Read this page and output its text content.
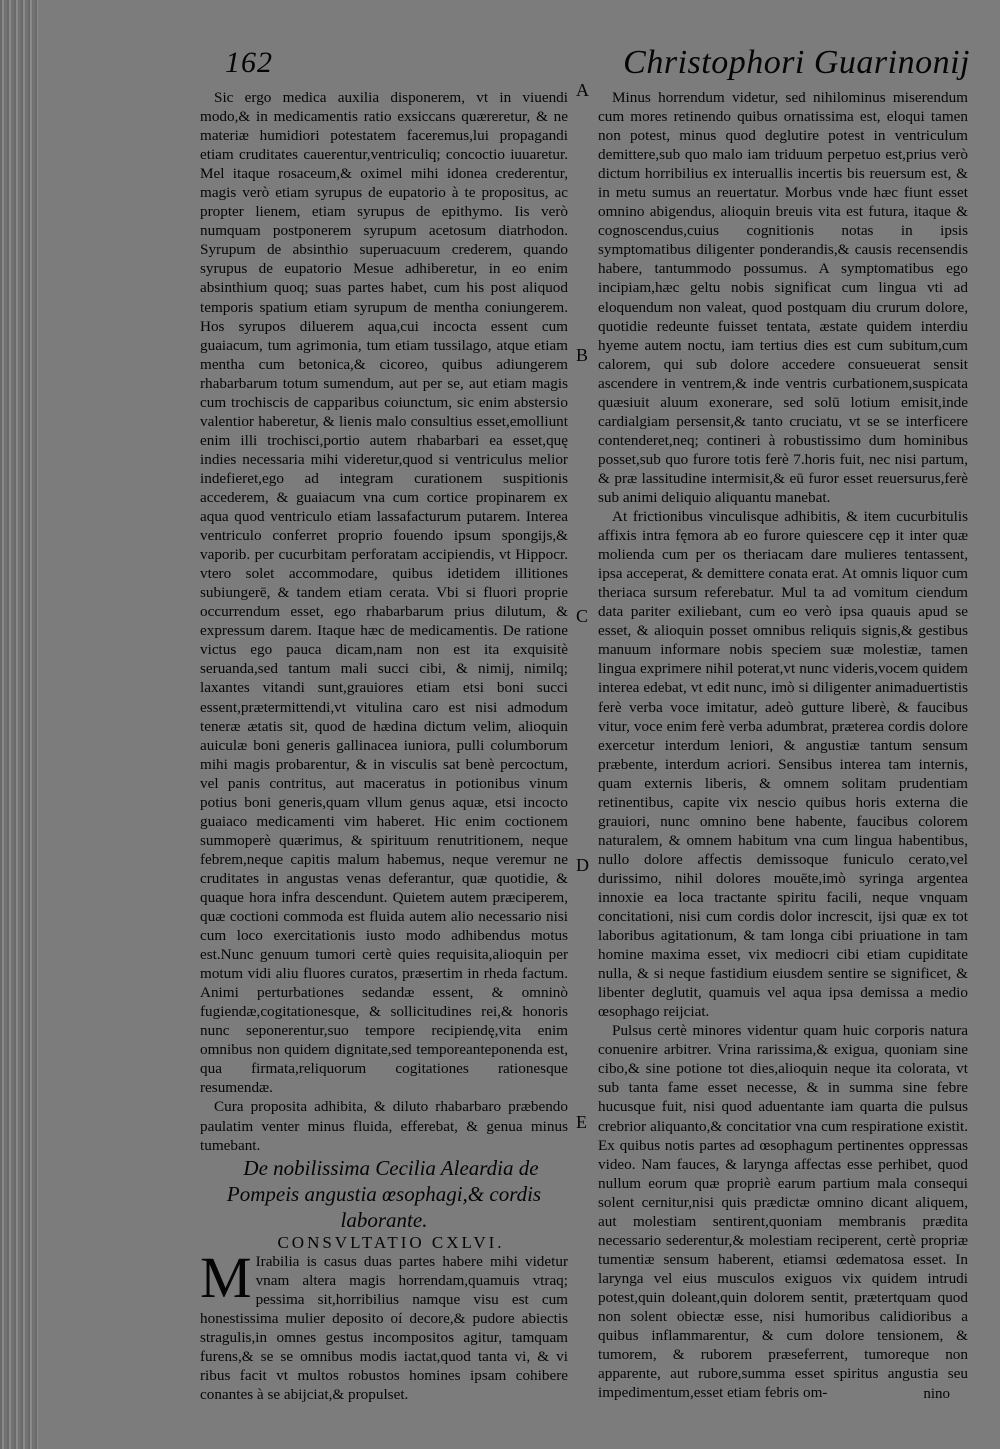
162	Christophori Guarinonij

Sic ergo medica auxilia disponerem, vt in viuendi modo,& in medicamentis ratio exsiccans quæreretur, & ne materiæ humidiori potestatem faceremus,lui propagandi etiam cruditates cauerentur,ventriculiq; concoctio iuuaretur. Mel itaque rosaceum,& oximel mihi idonea crederentur, magis verò etiam syrupus de eupatorio à te propositus, ac propter lienem, etiam syrupus de epithymo. Iis verò numquam postponerem syrupum acetosum diatrhodon. Syrupum de absinthio superuacuum crederem, quando syrupus de eupatorio Mesue adhiberetur, in eo enim absinthium quoq; suas partes habet, cum his post aliquod temporis spatium etiam syrupum de mentha coniungerem. Hos syrupos diluerem aqua,cui incocta essent cum guaiacum, tum agrimonia, tum etiam tussilago, atque etiam mentha cum betonica,& cicoreo, quibus adiungerem rhabarbarum totum sumendum, aut per se, aut etiam magis cum trochiscis de capparibus coiunctum, sic enim abstersio valentior haberetur, & lienis malo consultius esset,emolliunt enim illi trochisci,portio autem rhabarbari ea esset,quę indies necessaria mihi videretur,quod si ventriculus melior indefieret,ego ad integram curationem suspitionis accederem, & guaiacum vna cum cortice propinarem ex aqua quod ventriculo etiam lassafacturum putarem. Interea ventriculo conferret proprio fouendo ipsum spongijs,& vaporib. per cucurbitam perforatam accipiendis, vt Hippocr. vtero solet accommodare, quibus idetidem illitiones subiungerē, & tandem etiam cerata. Vbi si fluori proprie occurrendum esset, ego rhabarbarum prius dilutum, & expressum darem. Itaque hæc de medicamentis. De ratione victus ego pauca dicam,nam non est ita exquisitè seruanda,sed tantum mali succi cibi, & nimij, nimilq; laxantes vitandi sunt,grauiores etiam etsi boni succi essent,prætermittendi,vt vitulina caro est nisi admodum teneræ ætatis sit, quod de hædina dictum velim, alioquin auiculæ boni generis gallinacea iuniora, pulli columborum mihi magis probarentur, & in visculis sat benè percoctum, vel panis contritus, aut maceratus in potionibus vinum potius boni generis,quam vllum genus aquæ, etsi incocto guaiaco medicamenti vim haberet. Hic enim coctionem summoperè quærimus, & spirituum renutritionem, neque febrem,neque capitis malum habemus, neque veremur ne cruditates in angustas venas deferantur, quæ quotidie, & quaque hora infra descendunt. Quietem autem præciperem, quæ coctioni commoda est fluida autem alio necessario nisi cum loco exercitationis iusto modo adhibendus motus est.Nunc genuum tumori certè quies requisita,alioquin per motum vidi aliu fluores curatos, præsertim in rheda factum. Animi perturbationes sedandæ essent, & omninò fugiendæ,cogitationesque, & sollicitudines rei,& honoris nunc seponerentur,suo tempore recipiendę,vita enim omnibus non quidem dignitate,sed temporeanteponenda est, qua firmata,reliquorum cogitationes rationesque resumendæ.

Cura proposita adhibita, & diluto rhabarbaro præbendo paulatim venter minus fluida, efferebat, & genua minus tumebant.

De nobilissima Cecilia Aleardia de Pompeis angustia œsophagi,& cordis laborante.

CONSVLTATIO CXLVI.

M Irabilia is casus duas partes habere mihi videtur vnam altera magis horrendam,quamuis vtraq; pessima sit,horribilius namque visu est cum honestissima mulier deposito oí decore,& pudore abiectis stragulis,in omnes gestus incompositos agitur, tamquam furens,& se se omnibus modis iactat,quod tanta vi, & vi ribus facit vt multos robustos homines ipsam cohibere conantes à se abijciat,& propulset.

A
B
C
D
E

Minus horrendum videtur, sed nihilominus miserendum cum mores retinendo quibus ornatissima est, eloqui tamen non potest, minus quod deglutire potest in ventriculum demittere,sub quo malo iam triduum perpetuo est,prius verò dictum horribilius ex interuallis incertis bis reuersum est, & in metu sumus an reuertatur. Morbus vnde hæc fiunt esset omnino abigendus, alioquin breuis vita est futura, itaque & cognoscendus,cuius cognitionis notas in ipsis symptomatibus diligenter ponderandis,& causis recensendis habere, tantummodo possumus. A symptomatibus ego incipiam,hæc geltu nobis significat cum lingua vti ad eloquendum non valeat, quod postquam diu crurum dolore, quotidie redeunte fuisset tentata, æstate quidem interdiu hyeme autem noctu, iam tertius dies est cum subitum,cum calorem, qui sub dolore accedere consueuerat sensit ascendere in ventrem,& inde ventris curbationem,suspicata quæsiuit aluum exonerare, sed solū lotium emisit,inde cardialgiam persensit,& tanto cruciatu, vt se se interficere contenderet,neq; contineri à robustissimo dum hominibus posset,sub quo furore totis ferè 7.horis fuit, nec nisi partum, & præ lassitudine intermisit,& eū furor esset reuersurus,ferè sub animi deliquio aliquantu manebat.

At frictionibus vinculisque adhibitis, & item cucurbitulis affixis intra fęmora ab eo furore quiescere cęp it inter quæ molienda cum per os theriacam dare mulieres tentassent, ipsa acceperat, & demittere conata erat. At omnis liquor cum theriaca sursum referebatur. Mul ta ad vomitum ciendum data pariter exiliebant, cum eo verò ipsa quauis apud se esset, & alioquin posset omnibus reliquis signis,& gestibus manuum informare nobis speciem suæ molestiæ, tamen lingua exprimere nihil poterat,vt nunc videris,vocem quidem interea edebat, vt edit nunc, imò si diligenter animaduertistis ferè verba voce imitatur, adeò gutture liberè, & faucibus vitur, voce enim ferè verba adumbrat, præterea cordis dolore exercetur interdum leniori, & angustiæ tantum sensum præbente, interdum acriori. Sensibus interea tam internis, quam externis liberis, & omnem solitam prudentiam retinentibus, capite vix nescio quibus horis externa die grauiori, nunc omnino bene habente, faucibus colorem naturalem, & omnem habitum vna cum lingua habentibus, nullo dolore affectis demissoque funiculo cerato,vel durissimo, nihil dolores mouēte,imò syringa argentea innoxie ea loca tractante spiritu facili, neque vnquam concitationi, nisi cum cordis dolor increscit, ijsi quæ ex tot laboribus agitationum, & tam longa cibi priuatione in tam homine maxima esset, vix mediocri cibi etiam cupiditate nulla, & si neque fastidium eiusdem sentire se significet, & libenter deglutit, quamuis vel aqua ipsa demissa a medio œsophago reijciat.

Pulsus certè minores videntur quam huic corporis natura conuenire arbitrer. Vrina rarissima,& exigua, quoniam sine cibo,& sine potione tot dies,alioquin neque ita colorata, vt sub tanta fame esset necesse, & in summa sine febre hucusque fuit, nisi quod aduentante iam quarta die pulsus crebrior aliquanto,& concitatior vna cum respiratione existit. Ex quibus notis partes ad œsophagum pertinentes oppressas video. Nam fauces, & larynga affectas esse perhibet, quod nullum eorum quæ propriè earum partium mala consequi solent cernitur,nisi quis prædictæ omnino dicant aliquem, aut molestiam sentirent,quoniam membranis prædita necessario sederentur,& molestiam reciperent, certè propriæ tumentiæ sensum haberent, etiamsi œdematosa esset. In larynga vel eius musculos exiguos vix quidem intrudi potest,quin doleant,quin dolorem sentit, prætertquam quod non solent obiectæ esse, nisi humoribus calidioribus a quibus inflammarentur, & cum dolore tensionem, & tumorem, & ruborem præseferrent, tumoreque non apparente, aut rubore,summa esset spiritus angustia seu impedimentum,esset etiam febris om-	nino
